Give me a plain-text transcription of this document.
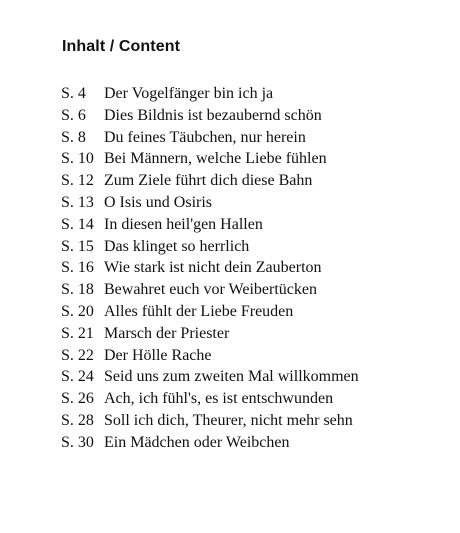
Inhalt / Content
S. 4	Der Vogelfänger bin ich ja
S. 6	Dies Bildnis ist bezaubernd schön
S. 8	Du feines Täubchen, nur herein
S. 10 Bei Männern, welche Liebe fühlen
S. 12 Zum Ziele führt dich diese Bahn
S. 13 O Isis und Osiris
S. 14 In diesen heil'gen Hallen
S. 15 Das klinget so herrlich
S. 16 Wie stark ist nicht dein Zauberton
S. 18 Bewahret euch vor Weibertücken
S. 20 Alles fühlt der Liebe Freuden
S. 21 Marsch der Priester
S. 22 Der Hölle Rache
S. 24 Seid uns zum zweiten Mal willkommen
S. 26 Ach, ich fühl's, es ist entschwunden
S. 28 Soll ich dich, Theurer, nicht mehr sehn
S. 30 Ein Mädchen oder Weibchen
